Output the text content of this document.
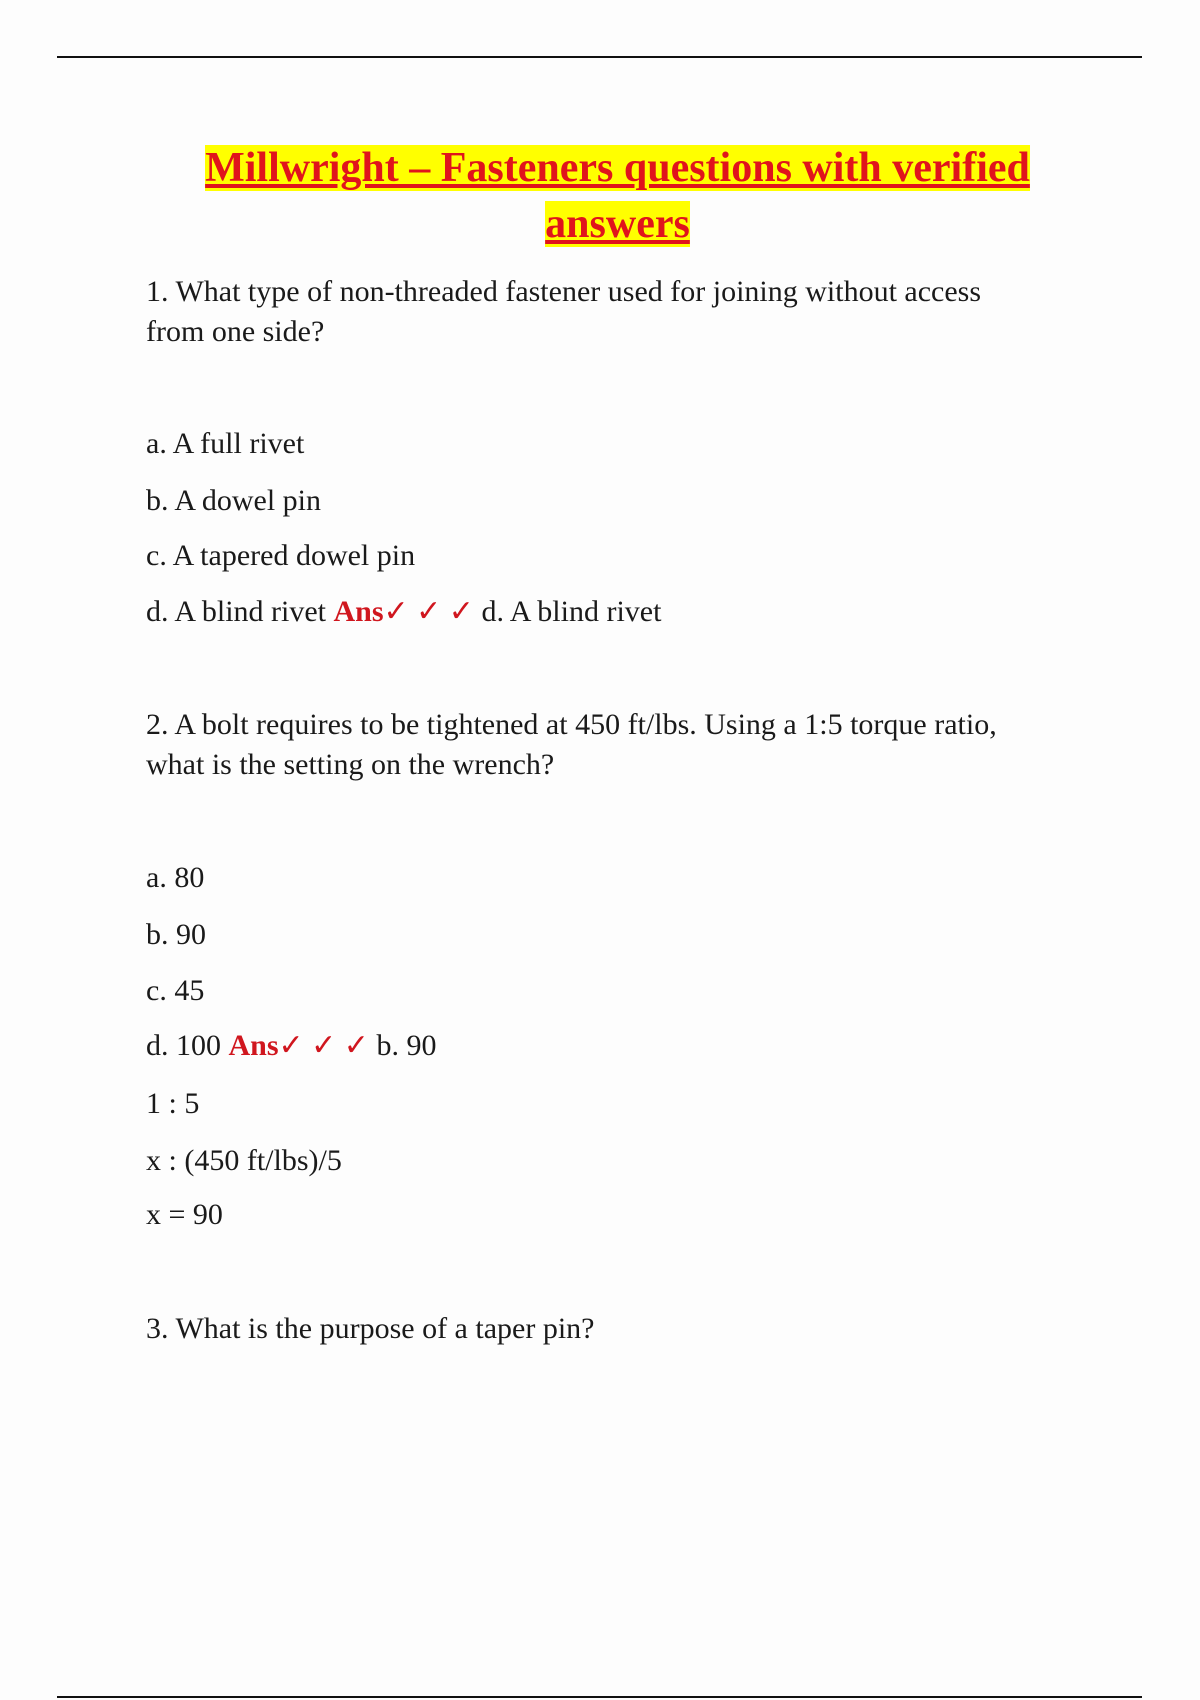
Millwright – Fasteners questions with verified answers
1. What type of non-threaded fastener used for joining without access
from one side?
a. A full rivet
b. A dowel pin
c. A tapered dowel pin
d. A blind rivet Ans✓ ✓ ✓ d. A blind rivet
2. A bolt requires to be tightened at 450 ft/lbs. Using a 1:5 torque ratio,
what is the setting on the wrench?
a. 80
b. 90
c. 45
d. 100 Ans✓ ✓ ✓ b. 90
1 : 5
x : (450 ft/lbs)/5
x = 90
3. What is the purpose of a taper pin?
